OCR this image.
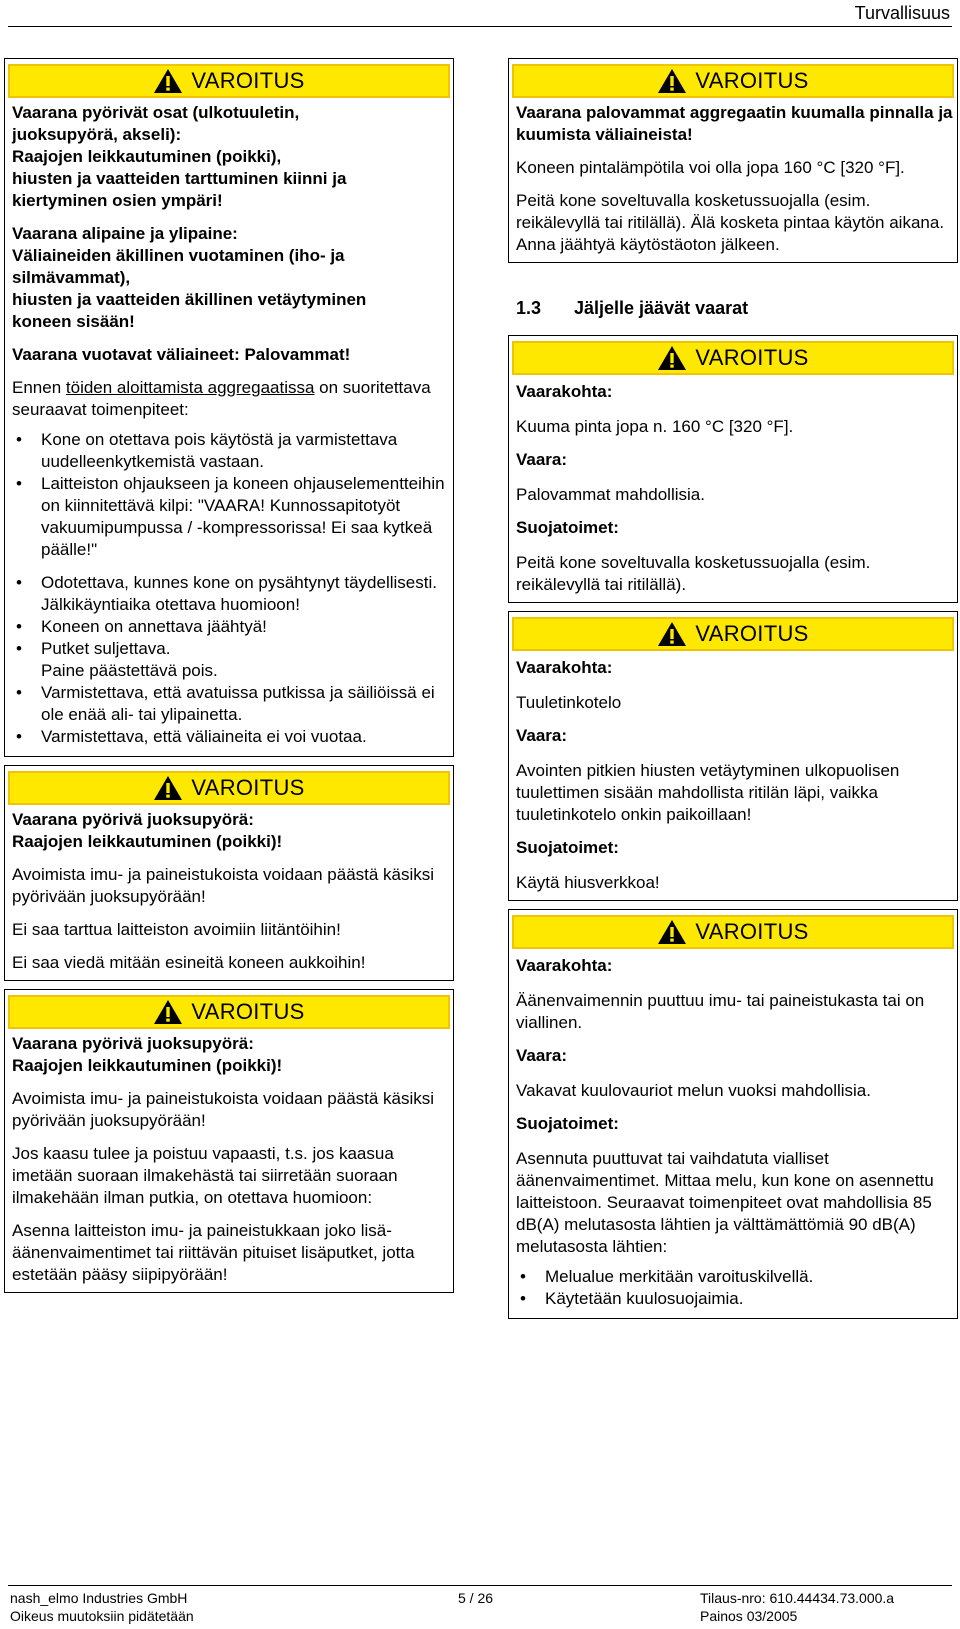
Turvallisuus
VAROITUS
Vaarana pyörivät osat (ulkotuuletin,
juoksupyörä, akseli):
Raajojen leikkautuminen (poikki),
hiusten ja vaatteiden tarttuminen kiinni ja
kiertyminen osien ympäri!
Vaarana alipaine ja ylipaine:
Väliaineiden äkillinen vuotaminen (iho- ja
silmävammat),
hiusten ja vaatteiden äkillinen vetäytyminen
koneen sisään!

Vaarana vuotavat väliaineet: Palovammat!

Ennen töiden aloittamista aggregaatissa on suoritettava seuraavat toimenpiteet:

• Kone on otettava pois käytöstä ja varmistettava uudelleenkytkemistä vastaan.
• Laitteiston ohjaukseen ja koneen ohjauselementteihin on kiinnitettävä kilpi: "VAARA! Kunnossapitotyöt vakuumipumpussa / -kompressorissa! Ei saa kytkeä päälle!"
• Odotettava, kunnes kone on pysähtynyt täydellisesti. Jälkikäyntiaika otettava huomioon!
• Koneen on annettava jäähtyä!
• Putket suljettava.
Paine päästettävä pois.
• Varmistettava, että avatuissa putkissa ja säiliöissä ei ole enää ali- tai ylipainetta.
• Varmistettava, että väliaineita ei voi vuotaa.
VAROITUS
Vaarana pyörivä juoksupyörä:

Raajojen leikkautuminen (poikki)!

Avoimista imu- ja paineistukoista voidaan päästä käsiksi pyörivään juoksupyörään!

Ei saa tarttua laitteiston avoimiin liitäntöihin!

Ei saa viedä mitään esineitä koneen aukkoihin!

VAROITUS
Vaarana pyörivä juoksupyörä:

Raajojen leikkautuminen (poikki)!

Avoimista imu- ja paineistukoista voidaan päästä käsiksi pyörivään juoksupyörään!

Jos kaasu tulee ja poistuu vapaasti, t.s. jos kaasua imetään suoraan ilmakehästä tai siirretään suoraan ilmakehään ilman putkia, on otettava huomioon:

Asenna laitteiston imu- ja paineistukkaan joko lisä-äänenvaimentimet tai riittävän pituiset lisäputket, jotta estetään pääsy siipipyörään!

VAROITUS

Vaarana palovammat aggregaatin kuumalla pinnalla ja kuumista väliaineista!

Koneen pintalämpötila voi olla jopa 160 °C [320 °F].

Peitä kone soveltuvalla kosketussuojalla (esim. reikälevyllä tai ritilällä). Älä kosketa pintaa käytön aikana. Anna jäähtyä käytöstäoton jälkeen.

1.3 Jäljelle jäävät vaarat
VAROITUS
Vaarakohta:

Kuuma pinta jopa n. 160 °C [320 °F].

Vaara:

Palovammat mahdollisia.

Suojatoimet:

Peitä kone soveltuvalla kosketussuojalla (esim. reikälevyllä tai ritilällä).

VAROITUS
Vaarakohta:

Tuuletinkotelo

Vaara:

Avointen pitkien hiusten vetäytyminen ulkopuolisen tuulettimen sisään mahdollista ritilän läpi, vaikka tuuletinkotelo onkin paikoillaan!

Suojatoimet:

Käytä hiusverkkoa!

VAROITUS
Vaarakohta:

Äänenvaimennin puuttuu imu- tai paineistukasta tai on viallinen.

Vaara:

Vakavat kuulovauriot melun vuoksi mahdollisia.

Suojatoimet:

Asennuta puuttuvat tai vaihdatuta vialliset äänenvaimentimet. Mittaa melu, kun kone on asennettu laitteistoon. Seuraavat toimenpiteet ovat mahdollisia 85 dB(A) melutasosta lähtien ja välttämättömiä 90 dB(A) melutasosta lähtien:

• Melualue merkitään varoituskilvellä.
• Käytetään kuulosuojaimia.
nash_elmo Industries GmbH
Oikeus muutoksiin pidätetään
5 / 26	Tilaus-nro: 610.44434.73.000.a
Painos 03/2005
